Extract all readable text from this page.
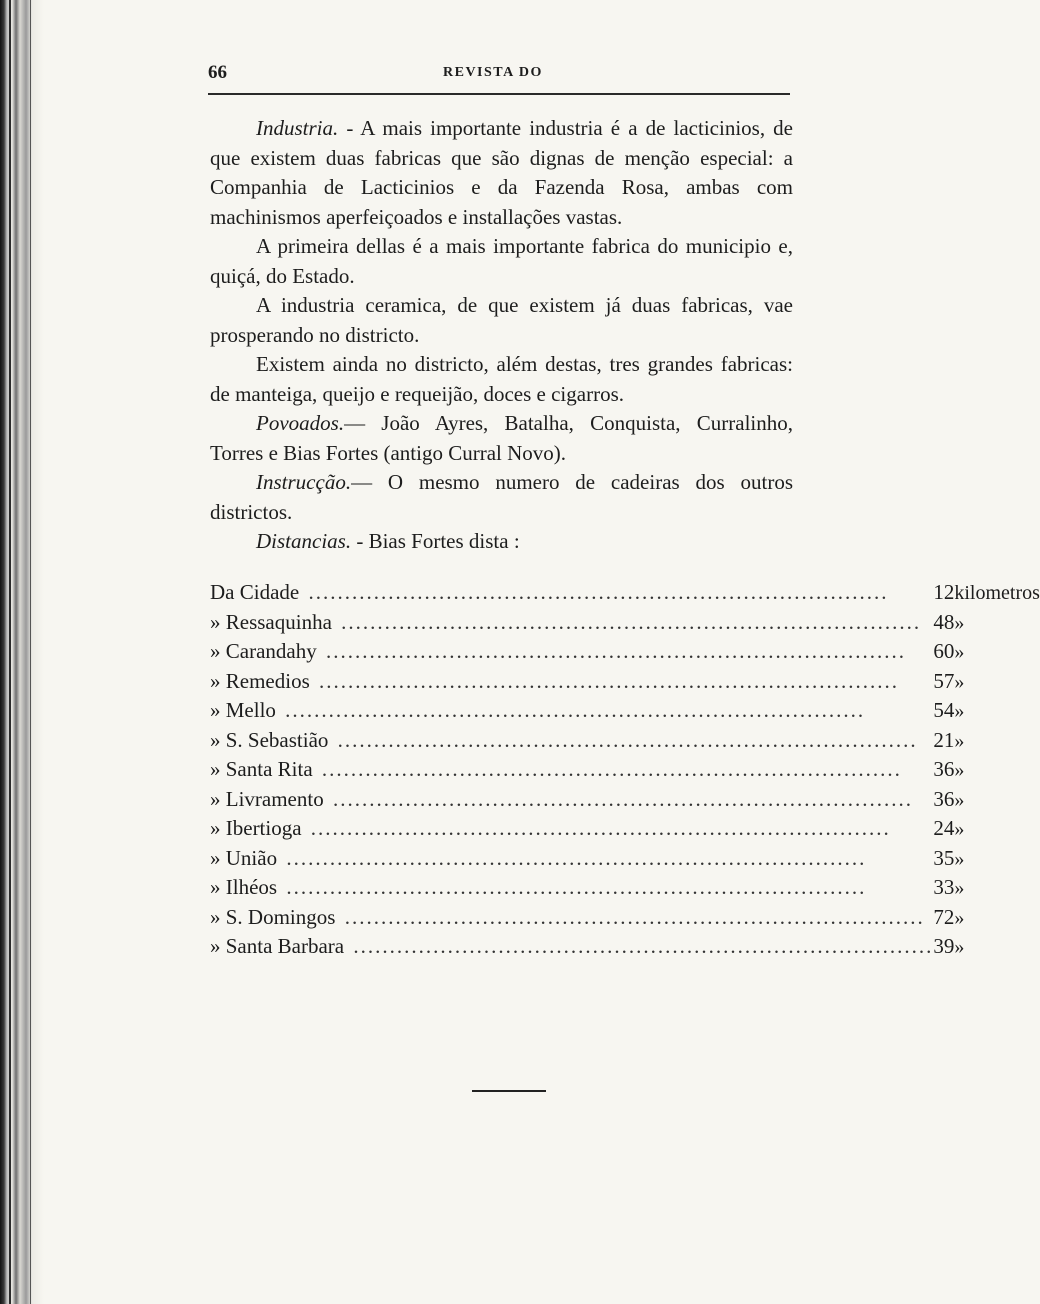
66	REVISTA DO

Industria. - A mais importante industria é a de lacticinios, de que existem duas fabricas que são dignas de menção especial: a Companhia de Lacticinios e da Fazenda Rosa, ambas com machinismos aperfeiçoados e installações vastas.

A primeira dellas é a mais importante fabrica do municipio e, quiçá, do Estado.

A industria ceramica, de que existem já duas fabricas, vae prosperando no districto.

Existem ainda no districto, além destas, tres grandes fabricas: de manteiga, queijo e requeijão, doces e cigarros.

Povoados.— João Ayres, Batalha, Conquista, Curralinho, Torres e Bias Fortes (antigo Curral Novo).

Instrucção.— O mesmo numero de cadeiras dos outros districtos.

Distancias. - Bias Fortes dista :

Da Cidade ................................................................................	12	kilometros
» Ressaquinha ................................................................................	48	»
» Carandahy ................................................................................	60	»
» Remedios ................................................................................	57	»
» Mello ................................................................................	54	»
» S. Sebastião ................................................................................	21	»
» Santa Rita ................................................................................	36	»
» Livramento ................................................................................	36	»
» Ibertioga ................................................................................	24	»
» União ................................................................................	35	»
» Ilhéos ................................................................................	33	»
» S. Domingos ................................................................................	72	»
» Santa Barbara ................................................................................	39	»
